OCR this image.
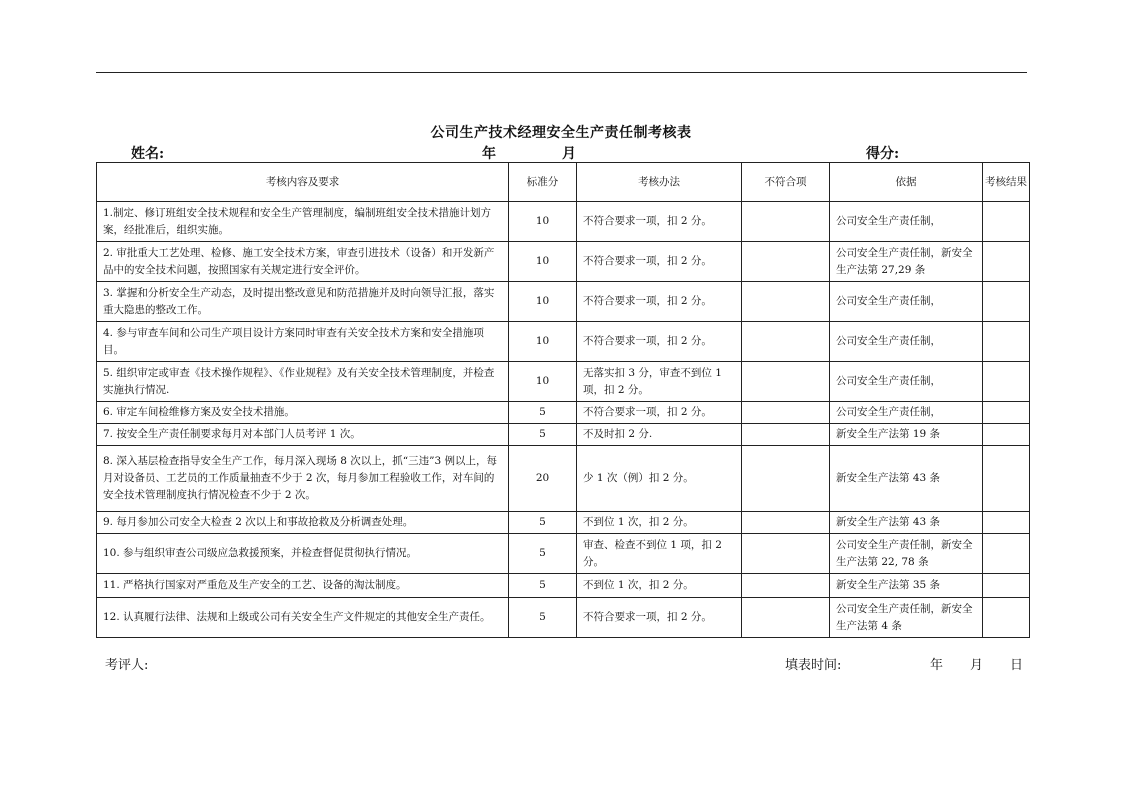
公司生产技术经理安全生产责任制考核表
姓名:	年	月	得分:
考核内容及要求	标准分	考核办法	不符合项	依据	考核结果
1.制定、修订班组安全技术规程和安全生产管理制度，编制班组安全技术措施计划方案，经批准后，组织实施。	10	不符合要求一项，扣 2 分。		公司安全生产责任制，	
2. 审批重大工艺处理、检修、施工安全技术方案，审查引进技术（设备）和开发新产品中的安全技术问题，按照国家有关规定进行安全评价。	10	不符合要求一项，扣 2 分。		公司安全生产责任制，新安全生产法第 27,29 条	
3. 掌握和分析安全生产动态，及时提出整改意见和防范措施并及时向领导汇报，落实重大隐患的整改工作。	10	不符合要求一项，扣 2 分。		公司安全生产责任制，	
4. 参与审查车间和公司生产项目设计方案同时审查有关安全技术方案和安全措施项目。	10	不符合要求一项，扣 2 分。		公司安全生产责任制，	
5. 组织审定或审查《技术操作规程》、《作业规程》及有关安全技术管理制度，并检查实施执行情况.	10	无落实扣 3 分，审查不到位 1 项，扣 2 分。		公司安全生产责任制，	
6. 审定车间检维修方案及安全技术措施。	5	不符合要求一项，扣 2 分。		公司安全生产责任制，	
7. 按安全生产责任制要求每月对本部门人员考评 1 次。	5	不及时扣 2 分.		新安全生产法第 19 条	
8. 深入基层检查指导安全生产工作，每月深入现场 8 次以上，抓“三违”3 例以上，每月对设备员、工艺员的工作质量抽查不少于 2 次，每月参加工程验收工作，对车间的安全技术管理制度执行情况检查不少于 2 次。	20	少 1 次（例）扣 2 分。		新安全生产法第 43 条	
9. 每月参加公司安全大检查 2 次以上和事故抢救及分析调查处理。	5	不到位 1 次，扣 2 分。		新安全生产法第 43 条	
10. 参与组织审查公司级应急救援预案，并检查督促贯彻执行情况。	5	审查、检查不到位 1 项，扣 2 分。		公司安全生产责任制，新安全生产法第 22, 78 条	
11. 严格执行国家对严重危及生产安全的工艺、设备的淘汰制度。	5	不到位 1 次，扣 2 分。		新安全生产法第 35 条	
12. 认真履行法律、法规和上级或公司有关安全生产文件规定的其他安全生产责任。	5	不符合要求一项，扣 2 分。		公司安全生产责任制，新安全生产法第 4 条	
考评人:	填表时间:	年 月 日
